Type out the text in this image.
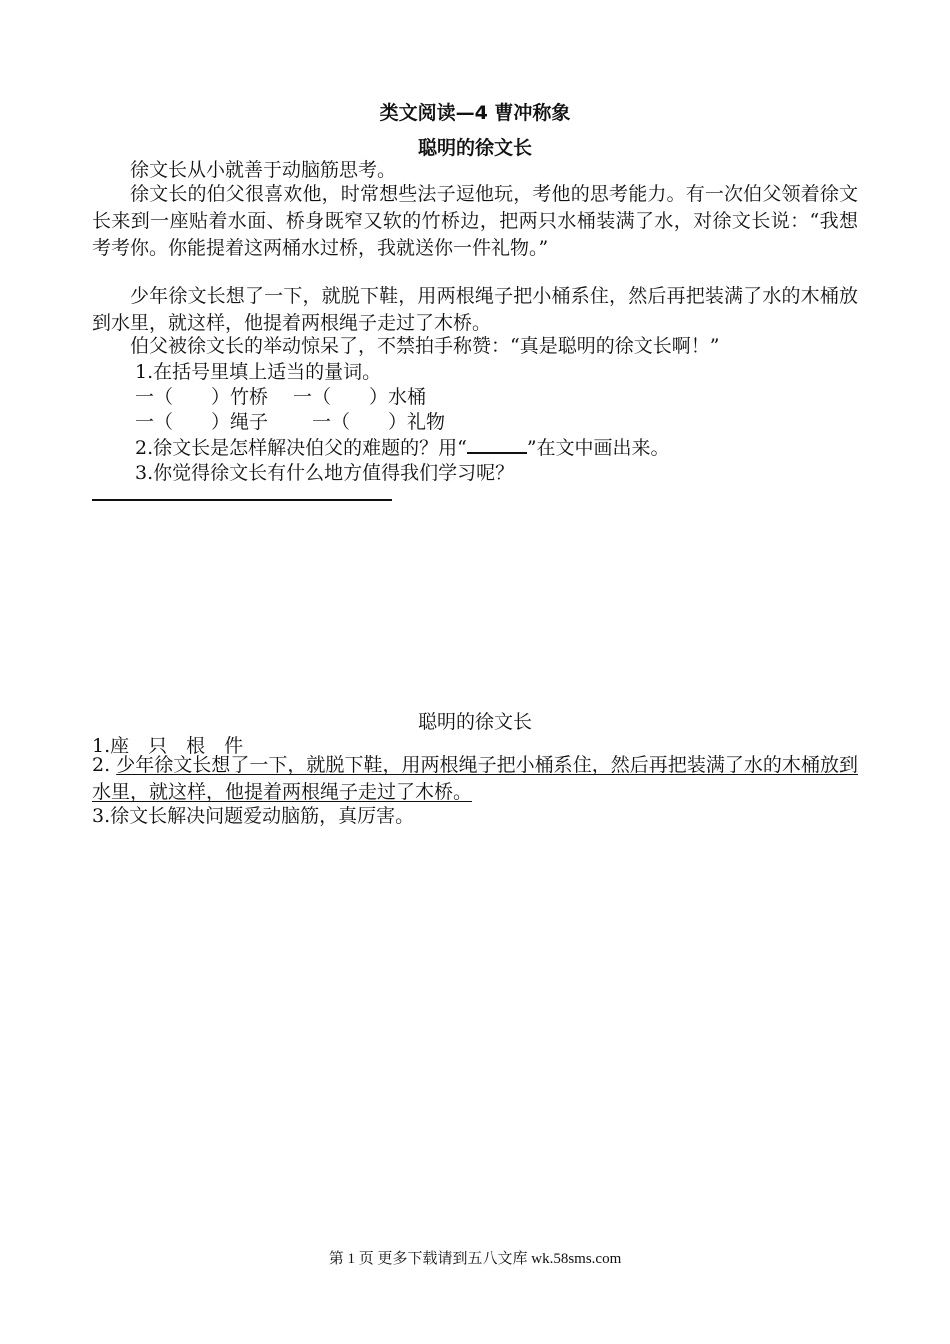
类文阅读—4 曹冲称象
聪明的徐文长
徐文长从小就善于动脑筋思考。
徐文长的伯父很喜欢他，时常想些法子逗他玩，考他的思考能力。有一次伯父领着徐文长来到一座贴着水面、桥身既窄又软的竹桥边，把两只水桶装满了水，对徐文长说：“我想考考你。你能提着这两桶水过桥，我就送你一件礼物。”
少年徐文长想了一下，就脱下鞋，用两根绳子把小桶系住，然后再把装满了水的木桶放到水里，就这样，他提着两根绳子走过了木桥。
伯父被徐文长的举动惊呆了，不禁拍手称赞：“真是聪明的徐文长啊！”
1.在括号里填上适当的量词。
一（　　）竹桥　 一（　　）水桶
一（　　）绳子　　 一（　　）礼物
2.徐文长是怎样解决伯父的难题的？用“	”在文中画出来。
3.你觉得徐文长有什么地方值得我们学习呢？
聪明的徐文长
1.座　只　根　件
2. 少年徐文长想了一下，就脱下鞋，用两根绳子把小桶系住，然后再把装满了水的木桶放到水里，就这样，他提着两根绳子走过了木桥。
3.徐文长解决问题爱动脑筋，真厉害。
第 1 页 更多下载请到五八文库 wk.58sms.com
